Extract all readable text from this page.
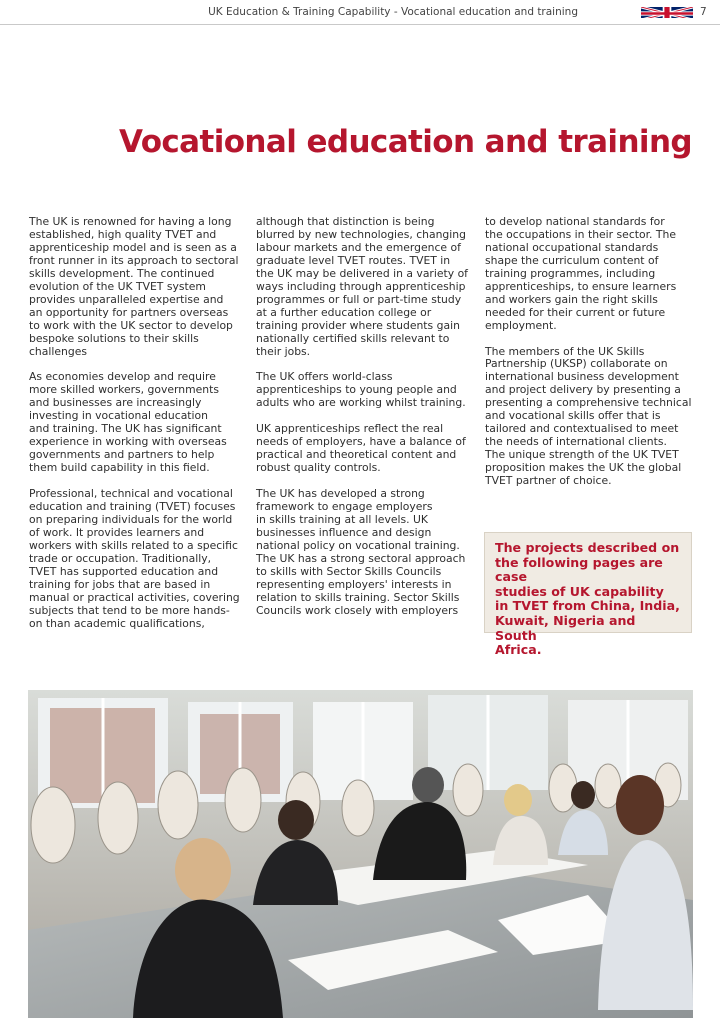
UK Education & Training Capability - Vocational education and training	7
Vocational education and training

The UK is renowned for having a long
established, high quality TVET and
apprenticeship model and is seen as a
front runner in its approach to sectoral
skills development. The continued
evolution of the UK TVET system
provides unparalleled expertise and
an opportunity for partners overseas
to work with the UK sector to develop
bespoke solutions to their skills
challenges

As economies develop and require
more skilled workers, governments
and businesses are increasingly
investing in vocational education
and training. The UK has significant
experience in working with overseas
governments and partners to help
them build capability in this field.

Professional, technical and vocational
education and training (TVET) focuses
on preparing individuals for the world
of work. It provides learners and
workers with skills related to a specific
trade or occupation. Traditionally,
TVET has supported education and
training for jobs that are based in
manual or practical activities, covering
subjects that tend to be more hands-
on than academic qualifications,

although that distinction is being
blurred by new technologies, changing
labour markets and the emergence of
graduate level TVET routes. TVET in
the UK may be delivered in a variety of
ways including through apprenticeship
programmes or full or part-time study
at a further education college or
training provider where students gain
nationally certified skills relevant to
their jobs.

The UK offers world-class
apprenticeships to young people and
adults who are working whilst training.

UK apprenticeships reflect the real
needs of employers, have a balance of
practical and theoretical content and
robust quality controls.

The UK has developed a strong
framework to engage employers
in skills training at all levels. UK
businesses influence and design
national policy on vocational training.
The UK has a strong sectoral approach
to skills with Sector Skills Councils
representing employers' interests in
relation to skills training. Sector Skills
Councils work closely with employers

to develop national standards for
the occupations in their sector. The
national occupational standards
shape the curriculum content of
training programmes, including
apprenticeships, to ensure learners
and workers gain the right skills
needed for their current or future
employment.

The members of the UK Skills
Partnership (UKSP) collaborate on
international business development
and project delivery by presenting a
presenting a comprehensive technical
and vocational skills offer that is
tailored and contextualised to meet
the needs of international clients.
The unique strength of the UK TVET
proposition makes the UK the global
TVET partner of choice.

The projects described on
the following pages are case
studies of UK capability
in TVET from China, India,
Kuwait, Nigeria and South
Africa.
